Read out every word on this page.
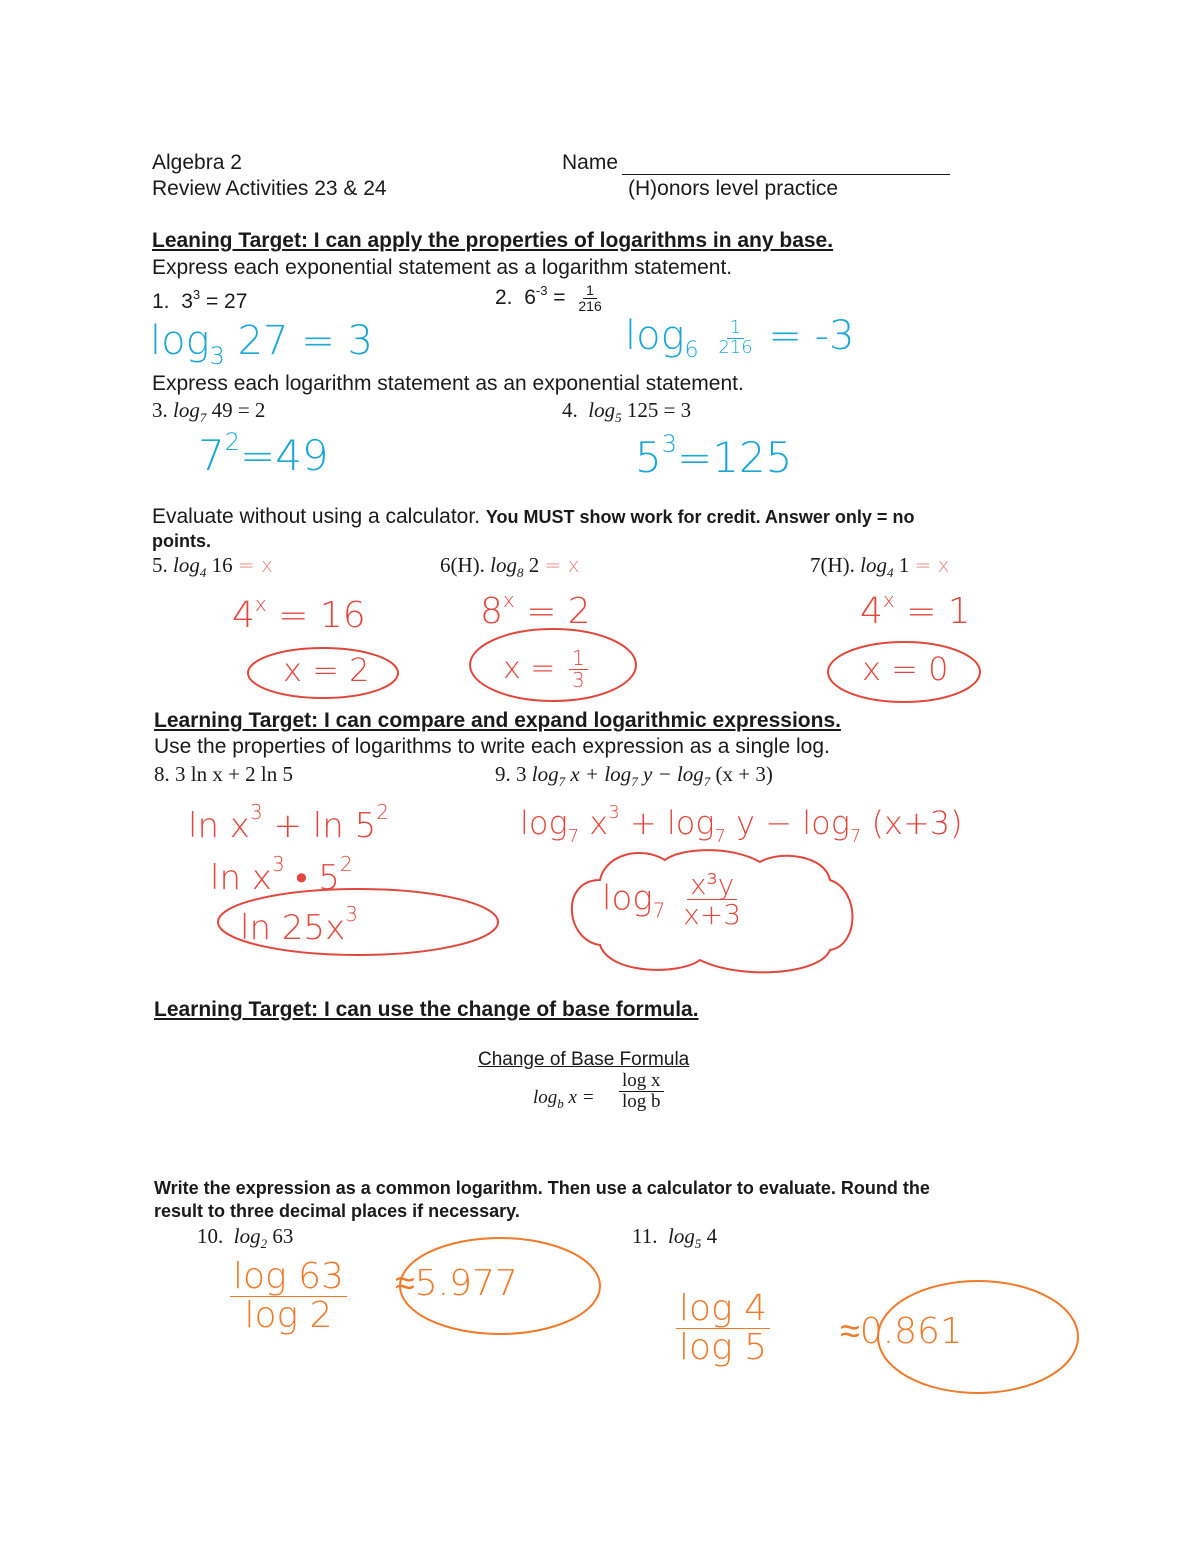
Algebra 2
Review Activities 23 & 24
Name
(H)onors level practice
Leaning Target: I can apply the properties of logarithms in any base.
Express each exponential statement as a logarithm statement.
1. $3^3 = 27$	2. $6^{-3} = \frac{1}{216}$
$\log_3 27 = 3$	$\log_6 \frac{1}{216} = -3$
Express each logarithm statement as an exponential statement.
3. $\log_7 49 = 2$	4. $\log_5 125 = 3$
$7^2=49$	$5^3=125$
Evaluate without using a calculator. You MUST show work for credit. Answer only = no
points.
5. $\log_4 16 = x$	6(H). $\log_8 2 = x$	7(H). $\log_4 1 = x$
$4^x = 16$
x = 2
$8^x = 2$
$x = \frac{1}{3}$
$4^x = 1$
x = 0
Learning Target: I can compare and expand logarithmic expressions.
Use the properties of logarithms to write each expression as a single log.
8. 3 ln x + 2 ln 5	9. 3 $\log_7 x + \log_7 y - \log_7 (x + 3)$
$\ln x^3 + \ln 5^2$
$\ln x^3$ • $5^2$
$\ln 25x^3$
$\log_7 x^3 + \log_7 y - \log_7 (x+3)$
$\log_7 \frac{\text{x³y}}{x+3}$
Learning Target: I can use the change of base formula.
Change of Base Formula
$\log_b x = \frac{\text{log x}}{\text{log b}}$
Write the expression as a common logarithm. Then use a calculator to evaluate. Round the
result to three decimal places if necessary.
10. $\log_2 63$	11. $\log_5 4$
$\frac{\log 63}{\log 2} \approx 5.977$
$\frac{\log 4}{\log 5} \approx 0.861$
